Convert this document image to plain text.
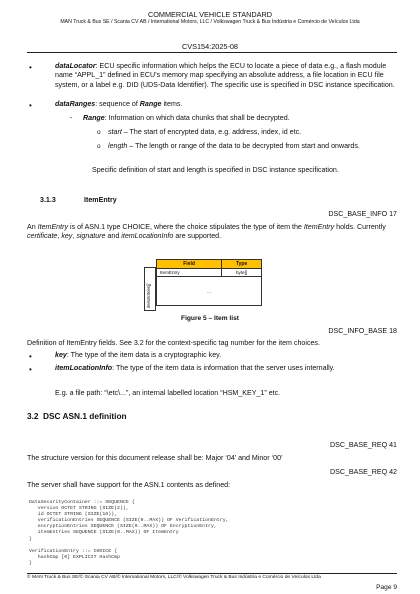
COMMERCIAL VEHICLE STANDARD
MAN Truck & Bus SE / Scania CV AB / International Motors, LLC / Volkswagen Truck & Bus Indústria e Comércio de Veículos Ltda
CVS154:2025-08
•	dataLocator: ECU specific information which helps the ECU to locate a piece of data e.g., a flash module name “APPL_1” defined in ECU’s memory map specifying an absolute address, a file location in ECU file system, or a label e.g. DID (UDS-Data Identifier). The specific use is specified in DSC instance specification.
•	dataRanges: sequence of Range items.
- Range: Information on which data chunks that shall be decrypted.
o start – The start of encrypted data, e.g. address, index, id etc.
o length – The length or range of the data to be decrypted from start and onwards.
Specific definition of start and length is specified in DSC instance specification.
3.1.3	ItemEntry
DSC_BASE_INFO 17
An ItemEntry is of ASN.1 type CHOICE, where the choice stipulates the type of item the ItemEntry holds. Currently certificate, key, signature and itemLocationInfo are supported.
itemEntries[]
Field	Type
ItemEntry	byte[]
...	
Figure 5 – Item list
DSC_INFO_BASE 18
Definition of ItemEntry fields. See 3.2 for the context-specific tag number for the item choices.
•	key: The type of the item data is a cryptographic key.
•	itemLocationInfo: The type of the item data is information that the server uses internally.
E.g. a file path: “\etc\...”, an internal labelled location “HSM_KEY_1” etc.
3.2 DSC ASN.1 definition
DSC_BASE_REQ 41
The structure version for this document release shall be: Major ‘04’ and Minor ‘00’
DSC_BASE_REQ 42
The server shall have support for the ASN.1 contents as defined:
DataSecurityContainer ::= SEQUENCE {
version OCTET STRING (SIZE(2)),
id OCTET STRING (SIZE(16)),
verificationEntries SEQUENCE (SIZE(0..MAX)) OF VerificationEntry,
encryptionEntries SEQUENCE (SIZE(0..MAX)) OF EncryptionEntry,
itemEntries SEQUENCE (SIZE(0..MAX)) OF ItemEntry
}
VerificationEntry ::= CHOICE {
hashCmp [0] EXPLICIT HashCmp
}
© MAN Truck & Bus SE/© Scania CV AB/© International Motors, LLC/© Volkswagen Truck & Bus Indústria e Comércio de Veículos Ltda
Page 9
